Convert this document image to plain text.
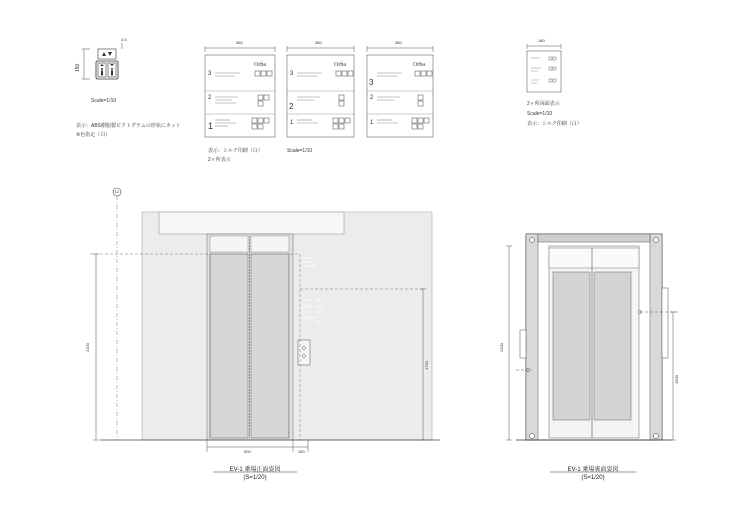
150
4.5
Scale=1/10
表示：ABS樹脂製ピクトグラムの形状にカット
※色指定（白）
360	360	360
Orba	Orba	Orba
3
2
1
3
2
1
3
2
1
表示：シルク印刷（白）
2ヶ所表示
Scale=1/10
180
2ヶ所両面表示
Scale=1/10
表示：シルク印刷（白）
12
2100
1750
900	150
EV-1 乗場正面姿図
(S=1/20)
2100
1900
EV-1 乗場裏面姿図
(S=1/20)
